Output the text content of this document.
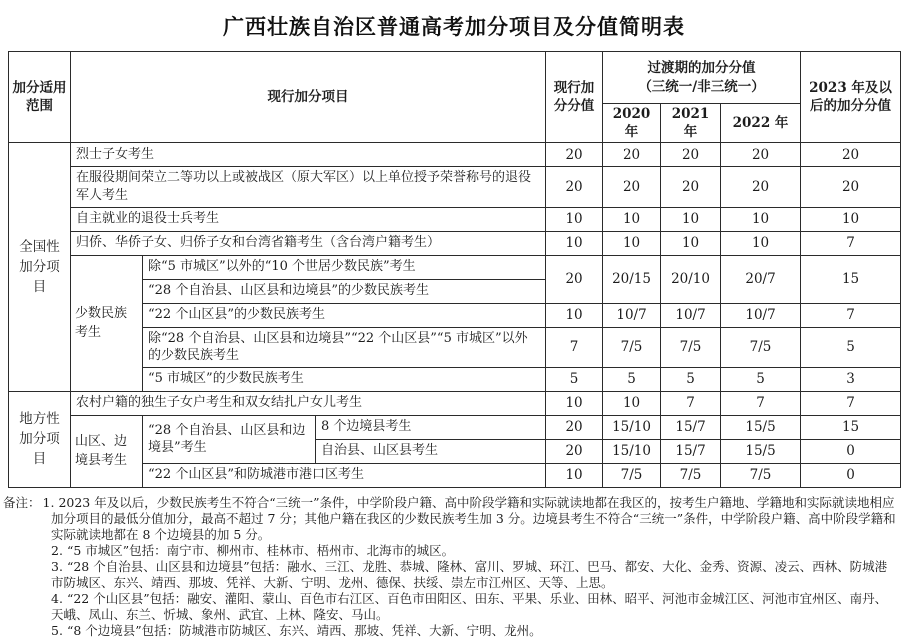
广西壮族自治区普通高考加分项目及分值简明表
加分适用范围	现行加分项目			现行加分分值	过渡期的加分分值
（三统一/非三统一）			2023 年及以后的加分分值
					2020 年	2021 年	2022 年	
全国性加分项目	烈士子女考生			20	20	20	20	20
	在服役期间荣立二等功以上或被战区（原大军区）以上单位授予荣誉称号的退役军人考生			20	20	20	20	20
	自主就业的退役士兵考生			10	10	10	10	10
	归侨、华侨子女、归侨子女和台湾省籍考生（含台湾户籍考生）			10	10	10	10	7
	少数民族考生	除“5 市城区”以外的“10 个世居少数民族”考生		20	20/15	20/10	20/7	15
		“28 个自治县、山区县和边境县”的少数民族考生						
		“22 个山区县”的少数民族考生		10	10/7	10/7	10/7	7
		除“28 个自治县、山区县和边境县”“22 个山区县”“5 市城区”以外的少数民族考生		7	7/5	7/5	7/5	5
		“5 市城区”的少数民族考生		5	5	5	5	3
地方性加分项目	农村户籍的独生子女户考生和双女结扎户女儿考生			10	10	7	7	7
	山区、边境县考生	“28 个自治县、山区县和边境县”考生	8 个边境县考生	20	15/10	15/7	15/5	15
			自治县、山区县考生	20	15/10	15/7	15/5	0
		“22 个山区县”和防城港市港口区考生		10	7/5	7/5	7/5	0
备注： 1. 2023 年及以后，少数民族考生不符合“三统一”条件，中学阶段户籍、高中阶段学籍和实际就读地都在我区的，按考生户籍地、学籍地和实际就读地相应加分项目的最低分值加分，最高不超过 7 分；其他户籍在我区的少数民族考生加 3 分。边境县考生不符合“三统一”条件，中学阶段户籍、高中阶段学籍和实际就读地都在 8 个边境县的加 5 分。
2. “5 市城区”包括：南宁市、柳州市、桂林市、梧州市、北海市的城区。
3. “28 个自治县、山区县和边境县”包括：融水、三江、龙胜、恭城、隆林、富川、罗城、环江、巴马、都安、大化、金秀、资源、凌云、西林、防城港市防城区、东兴、靖西、那坡、凭祥、大新、宁明、龙州、德保、扶绥、崇左市江州区、天等、上思。
4. “22 个山区县”包括：融安、灌阳、蒙山、百色市右江区、百色市田阳区、田东、平果、乐业、田林、昭平、河池市金城江区、河池市宜州区、南丹、天峨、凤山、东兰、忻城、象州、武宜、上林、隆安、马山。
5. “8 个边境县”包括：防城港市防城区、东兴、靖西、那坡、凭祥、大新、宁明、龙州。
